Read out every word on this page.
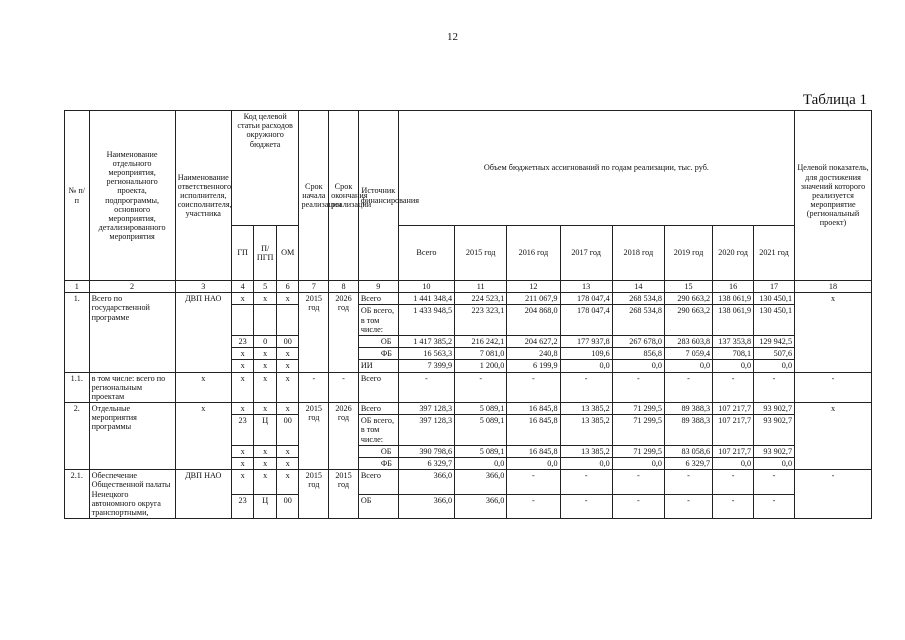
12
Таблица 1
№ п/п	Наименование отдельного мероприятия, регионального проекта, подпрограммы, основного мероприятия, детализированного мероприятия	Наименование ответственного исполнителя, соисполнителя, участника	Код целевой статьи расходов окружного бюджета			Срок начала реализации	Срок окончания реализации	Источник финансирования	Объем бюджетных ассигнований по годам реализации, тыс. руб.								Целевой показатель, для достижения значений которого реализуется мероприятие (региональный проект)
			ГП	П/ ПГП	ОМ				Всего	2015 год	2016 год	2017 год	2018 год	2019 год	2020 год	2021 год	
1	2	3	4	5	6	7	8	9	10	11	12	13	14	15	16	17	18
1.	Всего по государственной программе	ДВП НАО	х	х	х	2015 год	2026 год	Всего	1 441 348,4	224 523,1	211 067,9	178 047,4	268 534,8	290 663,2	138 061,9	130 450,1	х
								ОБ всего, в том числе:	1 433 948,5	223 323,1	204 868,0	178 047,4	268 534,8	290 663,2	138 061,9	130 450,1	
			23	0	00			ОБ	1 417 385,2	216 242,1	204 627,2	177 937,8	267 678,0	283 603,8	137 353,8	129 942,5	
			х	х	х			ФБ	16 563,3	7 081,0	240,8	109,6	856,8	7 059,4	708,1	507,6	
			х	х	х			ИИ	7 399,9	1 200,0	6 199,9	0,0	0,0	0,0	0,0	0,0	
1.1.	в том числе: всего по региональным проектам	х	х	х	х	-	-	Всего	-	-	-	-	-	-	-	-	-
2.	Отдельные мероприятия программы	х	х	х	х	2015 год	2026 год	Всего	397 128,3	5 089,1	16 845,8	13 385,2	71 299,5	89 388,3	107 217,7	93 902,7	х
			23	Ц	00			ОБ всего, в том числе:	397 128,3	5 089,1	16 845,8	13 385,2	71 299,5	89 388,3	107 217,7	93 902,7	
			х	х	х			ОБ	390 798,6	5 089,1	16 845,8	13 385,2	71 299,5	83 058,6	107 217,7	93 902,7	
			х	х	х			ФБ	6 329,7	0,0	0,0	0,0	0,0	6 329,7	0,0	0,0	
2.1.	Обеспечение Общественной палаты Ненецкого автономного округа транспортными,	ДВП НАО	х	х	х	2015 год	2015 год	Всего	366,0	366,0	-	-	-	-	-	-	-
			23	Ц	00			ОБ	366,0	366,0	-	-	-	-	-	-	
